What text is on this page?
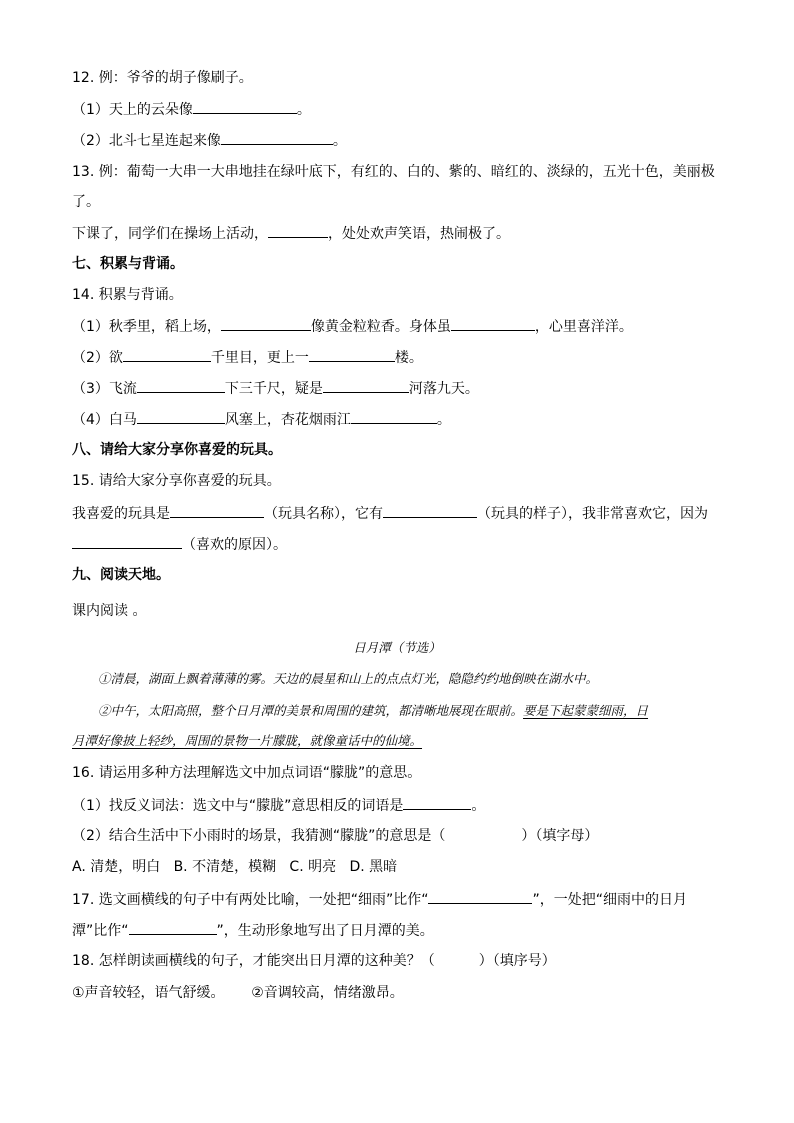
12. 例：爷爷的胡子像刷子。
（1）天上的云朵像	。
（2）北斗七星连起来像	。
13. 例：葡萄一大串一大串地挂在绿叶底下，有红的、白的、紫的、暗红的、淡绿的，五光十色，美丽极
了。
下课了，同学们在操场上活动，	，处处欢声笑语，热闹极了。
七、积累与背诵。
14. 积累与背诵。
（1）秋季里，稻上场，	像黄金粒粒香。身体虽	，心里喜洋洋。
（2）欲	千里目，更上一	楼。
（3）飞流	下三千尺，疑是	河落九天。
（4）白马	风塞上，杏花烟雨江	。
八、请给大家分享你喜爱的玩具。
15. 请给大家分享你喜爱的玩具。
我喜爱的玩具是	（玩具名称），它有	（玩具的样子），我非常喜欢它，因为
（喜欢的原因）。
九、阅读天地。
课内阅读 。
日月潭（节选）
①清晨，湖面上飘着薄薄的雾。天边的晨星和山上的点点灯光，隐隐约约地倒映在湖水中。
②中午，太阳高照，整个日月潭的美景和周围的建筑，都清晰地展现在眼前。要是下起蒙蒙细雨，日
月潭好像披上轻纱，周围的景物一片朦胧，就像童话中的仙境。
16. 请运用多种方法理解选文中加点词语“朦胧”的意思。
（1）找反义词法：选文中与“朦胧”意思相反的词语是	。
（2）结合生活中下小雨时的场景，我猜测“朦胧”的意思是（	）（填字母）
A. 清楚，明白   B. 不清楚，模糊   C. 明亮   D. 黑暗
17. 选文画横线的句子中有两处比喻，一处把“细雨”比作“	”，一处把“细雨中的日月
潭”比作“	”，生动形象地写出了日月潭的美。
18. 怎样朗读画横线的句子，才能突出日月潭的这种美？（	）（填序号）
①声音较轻，语气舒缓。      ②音调较高，情绪激昂。
